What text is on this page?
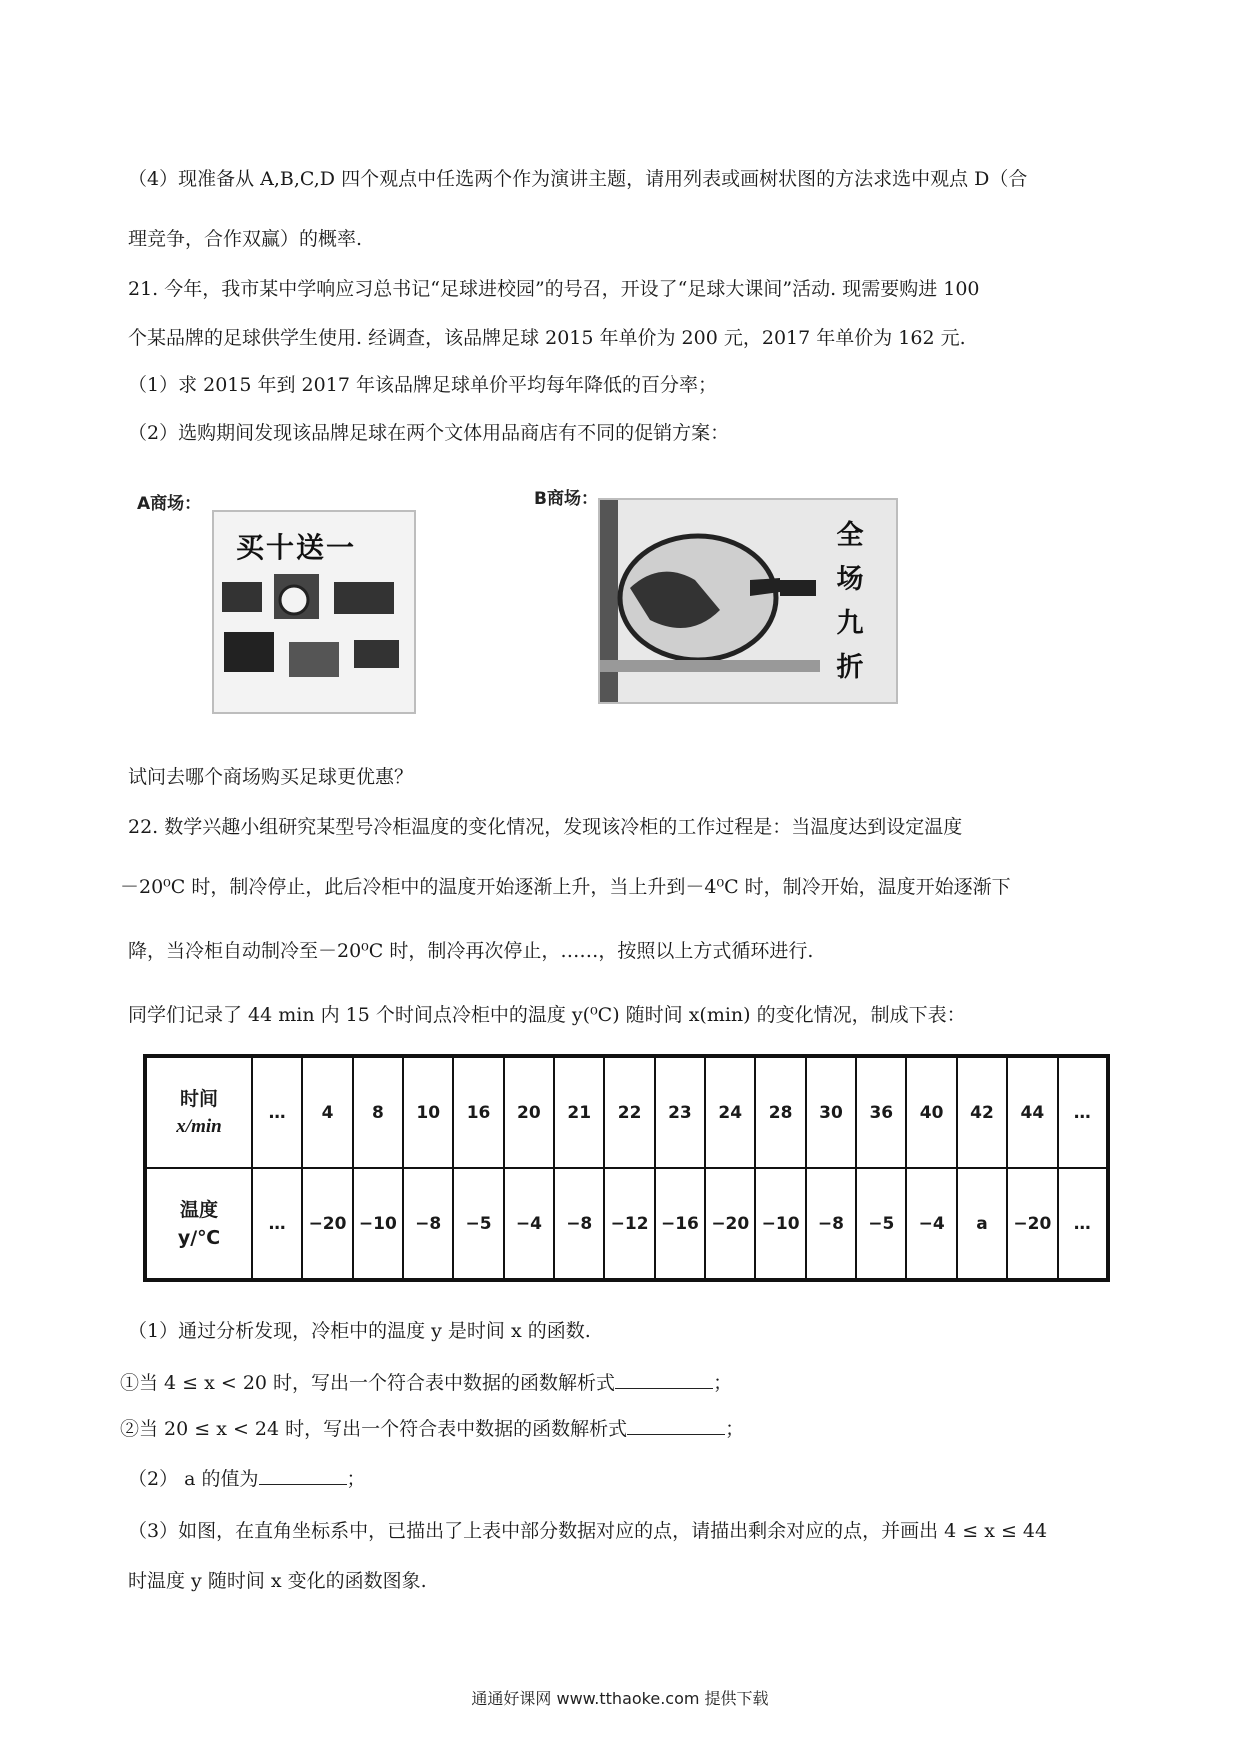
（4）现准备从 A,B,C,D 四个观点中任选两个作为演讲主题，请用列表或画树状图的方法求选中观点 D（合
理竞争，合作双赢）的概率.
21. 今年，我市某中学响应习总书记“足球进校园”的号召，开设了“足球大课间”活动. 现需要购进 100
个某品牌的足球供学生使用. 经调查，该品牌足球 2015 年单价为 200 元，2017 年单价为 162 元.
（1）求 2015 年到 2017 年该品牌足球单价平均每年降低的百分率；
（2）选购期间发现该品牌足球在两个文体用品商店有不同的促销方案：
A商场：
买十送一
B商场：
全
场
九
折
试问去哪个商场购买足球更优惠？
22. 数学兴趣小组研究某型号冷柜温度的变化情况，发现该冷柜的工作过程是：当温度达到设定温度
－20⁰C 时，制冷停止，此后冷柜中的温度开始逐渐上升，当上升到－4⁰C 时，制冷开始，温度开始逐渐下
降，当冷柜自动制冷至－20⁰C 时，制冷再次停止，……，按照以上方式循环进行.
同学们记录了 44 min 内 15 个时间点冷柜中的温度 y(⁰C) 随时间 x(min) 的变化情况，制成下表：
时间
x/min	…	4	8	10	16	20	21	22	23	24	28	30	36	40	42	44	…

温度
y/℃	…	−20	−10	−8	−5	−4	−8	−12	−16	−20	−10	−8	−5	−4	a	−20	…
（1）通过分析发现，冷柜中的温度 y 是时间 x 的函数.
①当 4 ≤ x < 20 时，写出一个符合表中数据的函数解析式	；
②当 20 ≤ x < 24 时，写出一个符合表中数据的函数解析式	；
（2） a 的值为	；
（3）如图，在直角坐标系中，已描出了上表中部分数据对应的点，请描出剩余对应的点，并画出 4 ≤ x ≤ 44
时温度 y 随时间 x 变化的函数图象.
通通好课网 www.tthaoke.com 提供下载
